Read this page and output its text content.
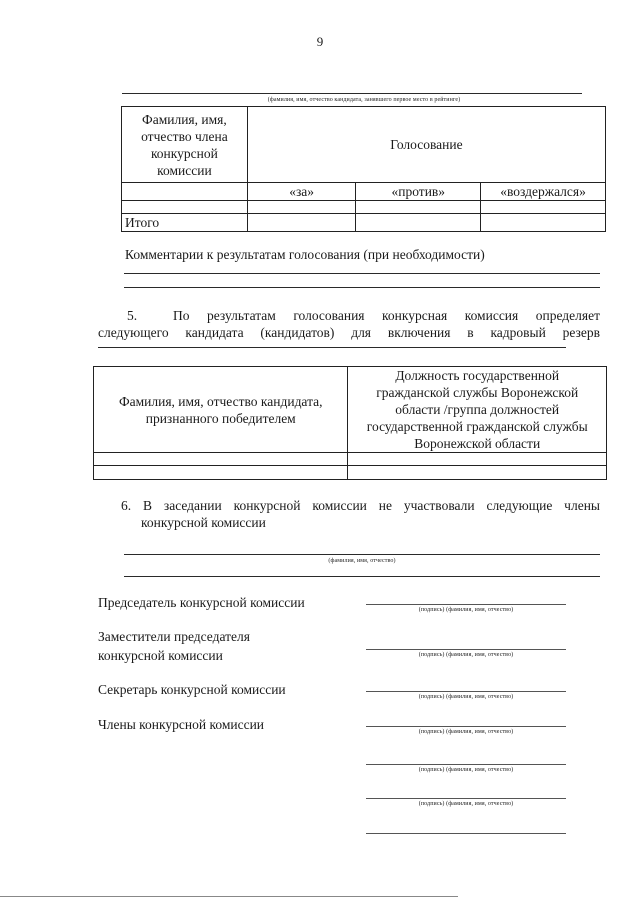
9
(фамилия, имя, отчество кандидата, занявшего первое место в рейтинге)
Фамилия, имя, отчество члена конкурсной комиссии	Голосование		
	«за»	«против»	«воздержался»

Итого			
Комментарии к результатам голосования (при необходимости)
5.	По результатам голосования конкурсная комиссия определяет
следующего кандидата (кандидатов) для включения в кадровый резерв
Фамилия, имя, отчество кандидата, признанного победителем	Должность государственной гражданской службы Воронежской области /группа должностей государственной гражданской службы Воронежской области

6. В заседании конкурсной комиссии не участвовали следующие члены
конкурсной комиссии
(фамилия, имя, отчество)
Председатель конкурсной комиссии	(подпись) (фамилия, имя, отчество)
Заместители председателя
конкурсной комиссии	(подпись) (фамилия, имя, отчество)
Секретарь конкурсной комиссии	(подпись) (фамилия, имя, отчество)
Члены конкурсной комиссии	(подпись) (фамилия, имя, отчество)
(подпись) (фамилия, имя, отчество)
(подпись) (фамилия, имя, отчество)
